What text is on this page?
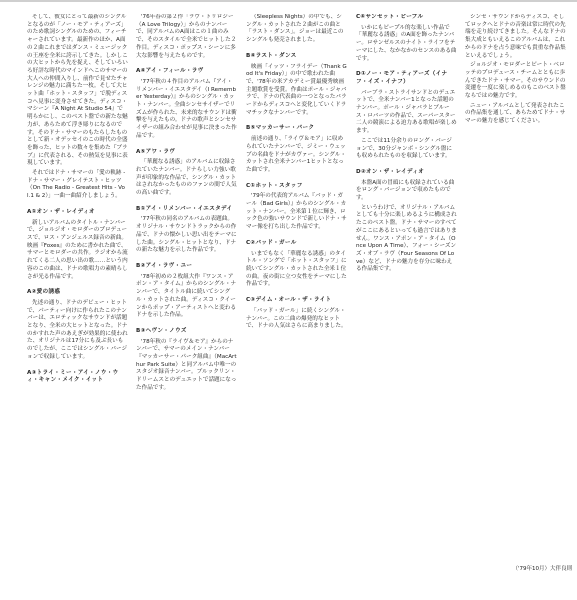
そして、彼女にとって最新のシングルとなるのが「ノー・モア・ティアーズ」のため歌詞シングルのための、フィーチャーされています。最新作のほか、A面の２曲これまではダンス・ミュージックの王座を全米に誇示してきた。しかしこの大ヒットから先を捉え、そしていろいろ好評な時代のマインドへこのサマーの大人への仲間入りし、前作で見せたチャレンジの魅力に満ちた一枚。そして大ヒット曲「ホット・スタッフ」で脱ディスコへ見事に変身させてきた。ディスコ・マシーン『A Night At Studio 54』で明らかにし、このベスト盤での新たな魅力が、あらためて浮き彫りになるのです。そのドナ・サマーのもたらしたものとして新・オデッセイのこの時代の全盛を飾った、ヒットの数々を集めた『ブラブ』に代表される、その熱気を見事に表現しています。
それではドナ・サマーの「愛の軌跡 - ドナ・サマー・グレイテスト・ヒッツ（On The Radio - Greatest Hits - Vol.1 & 2）」一曲一曲紹介しましょう。
A①オン・ザ・レイディオ
新しいアルバムのタイトル・ナンバーで、ジョルジオ・モロダーのプロデュースで、ロス・アンジェルス録音の新曲。映画『Foxes』のために書かれた曲で、サマーとモロダーの共作。ラジオから流れてくる二人の思い出の歌……という内容のこの曲は、ドナの歌唱力の素晴らしさが光る作品です。
A②愛の誘惑
先述の通り、ドナのデビュー・ヒットで、パーティー向けに作られたこのナンバーは、エロティックなサウンドが話題となり、全米の大ヒットとなった。ドナのかすれた声のあえぎが効果的に使われた、オリジナルは17分にも及ぶ長いものでしたが、ここではシングル・バージョンで収録しています。
A③トライ・ミー・アイ・ノウ・ウィ・キャン・メイク・イット
'76年春の第２作「ラヴ・トリロジー（A Love Trilogy）」からのナンバーで、同アルバムのA面はこの１曲のみで、そのスタイルで全米でヒットした２作目。ディスコ・ポップス・シーンに多大な影響を与えたものです。
A④アイ・フィール・ラヴ
'77年秋の４作目のアルバム『アイ・リメンバー・イエスタデイ（I Remember Yesterday）』からのシングル・カット・ナンバー。全曲シンセサイザーでリズムが作られた、未来的なサウンドは衝撃を与えたもの。ドナの歌声とシンセサイザーの組み合わせが見事に決まった作品です。
A⑤アワ・ラヴ
「華麗なる誘惑」のアルバムに収録されていたナンバー。ドナらしい力強い歌声が印象的な作品で、シングル・カットはされなかったもののファンの間で人気の高い曲です。
B①アイ・リメンバー・イエスタデイ
'77年秋の同名のアルバムの表題曲。オリジナル・サウンドトラックからの作品で、ドナの懐かしい思い出をテーマにした曲。シングル・ヒットとなり、ドナの新たな魅力を示した作品です。
B②アイ・ラヴ・ユー
'78年初めの２枚組大作『ワンス・アポン・ア・タイム』からのシングル・ナンバーで、タイトル曲に続いてシングル・カットされた曲。ディスコ・クイーンからポップ・アーティストへと変わるドナを示した作品。
B③ヘヴン・ノウズ
'78年秋の『ライヴ＆モア』からのナンバーで、サマーのメイン・ナンバー『マッカーサー・パーク組曲』（MacArthur Park Suite）と同アルバム中唯一のスタジオ録音ナンバー。ブルックリン・ドリームスとのデュエットで話題になった作品です。
（Sleepless Nights）の中でも、シングル・カットされた２曲がこの曲と「ラスト・ダンス」。ジョーは最近このシングルも発売されました。
B④ラスト・ダンス
映画「イッツ・フライデー（Thank God It's Friday）」の中で歌われた曲で、'78年の米アカデミー賞最優秀映画主題歌賞を受賞。作曲はポール・ジャバラで、ドナの代表曲の一つとなったバラードからディスコへと変化していくドラマチックなナンバーです。
B⑤マッカーサー・パーク
前述の通り、「ライヴ＆モア」に収められていたナンバーで、ジミー・ウェッブの名曲をドナがカヴァー。シングル・カットされ全米ナンバー1ヒットとなった曲です。
C①ホット・スタッフ
'79年の代表的アルバム『バッド・ガール（Bad Girls）』からのシングル・カット・ナンバー。全米第１位に輝き、ロック色の強いサウンドで新しいドナ・サマー像を打ち出した作品です。
C②バッド・ガール
いまでもなく「華麗なる誘惑」のタイトル・ソングで「ホット・スタッフ」に続いてシングル・カットされた全米１位の曲。夜の街に立つ女性をテーマにした作品です。
C③デイム・オール・ザ・ライト
「バッド・ガール」に続くシングル・ナンバー。この二曲の爆発的なヒットで、ドナの人気はさらに高まりました。
C④サンセット・ピープル
いかにもピープル的な楽しい作品で「華麗なる誘惑」のA面を飾ったナンバー。ロサンゼルスのナイト・ライフをテーマにした、なかなかのセンスのある曲です。
D①ノー・モア・ティアーズ（イナフ・イズ・イナフ）
バーブラ・ストライサンドとのデュエットで、全米ナンバー1となった話題のナンバー。ポール・ジャバラとブルース・ロバーツの作品で、スーパースター二人の競演による迫力ある歌唱が楽しめます。
ここでは11分余りのロング・バージョンで、30分ジャンボ・シングル盤にも収められたものを収録しています。
D②オン・ザ・レイディオ
本盤A面の冒頭にも収録されている曲をロング・バージョンで収めたものです。
というわけで、オリジナル・アルバムとしても十分に楽しめるように構成されたこのベスト盤。ドナ・サマーのすべてがここにあるといっても過言ではありません。ワンス・アポン・ア・タイム（Once Upon A Time）、フォー・シーズンズ・オブ・ラヴ（Four Seasons Of Love）など、ドナの魅力を存分に味わえる作品集です。
シンセ・サウンドからディスコ、そしてロックへとドナの音楽は常に時代の先端を走り続けてきました。そんなドナの集大成ともいえるこのアルバムは、これからのドナを占う意味でも貴重な作品集といえるでしょう。
ジョルジオ・モロダーとピート・ベロッテのプロデュース・チームとともに歩んできたドナ・サマー。そのサウンドの変遷を一度に楽しめるのもこのベスト盤ならではの魅力です。
ニュー・アルバムとして発表されたこの作品集を通して、あらためてドナ・サマーの魅力を感じてください。
（'79年10月）大伴良則
